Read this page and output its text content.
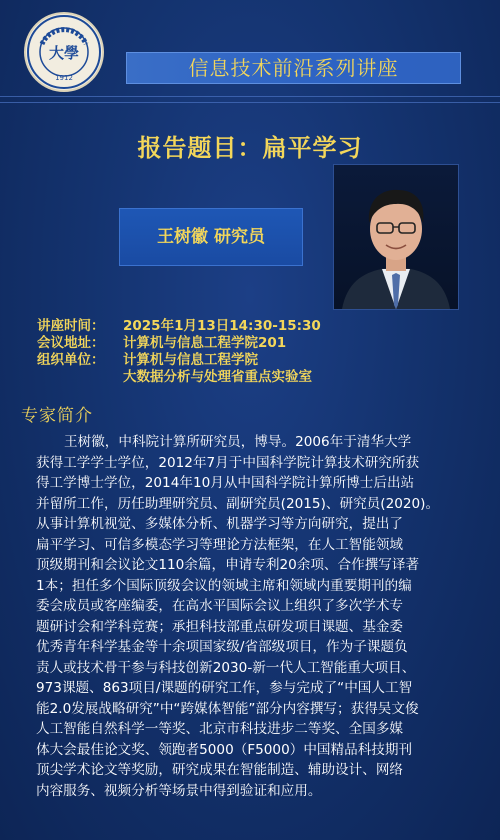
大學
1912	信息技术前沿系列讲座
报告题目：扁平学习
王树徽 研究员
讲座时间：	2025年1月13日14:30-15:30
会议地址：	计算机与信息工程学院201
组织单位：	计算机与信息工程学院
大数据分析与处理省重点实验室
专家简介
王树徽，中科院计算所研究员，博导。2006年于清华大学
获得工学学士学位，2012年7月于中国科学院计算技术研究所获
得工学博士学位，2014年10月从中国科学院计算所博士后出站
并留所工作，历任助理研究员、副研究员(2015)、研究员(2020)。
从事计算机视觉、多媒体分析、机器学习等方向研究，提出了
扁平学习、可信多模态学习等理论方法框架，在人工智能领域
顶级期刊和会议论文110余篇，申请专利20余项、合作撰写译著
1本；担任多个国际顶级会议的领域主席和领域内重要期刊的编
委会成员或客座编委，在高水平国际会议上组织了多次学术专
题研讨会和学科竞赛；承担科技部重点研发项目课题、基金委
优秀青年科学基金等十余项国家级/省部级项目，作为子课题负
责人或技术骨干参与科技创新2030-新一代人工智能重大项目、
973课题、863项目/课题的研究工作，参与完成了“中国人工智
能2.0发展战略研究”中“跨媒体智能”部分内容撰写；获得吴文俊
人工智能自然科学一等奖、北京市科技进步二等奖、全国多媒
体大会最佳论文奖、领跑者5000（F5000）中国精品科技期刊
顶尖学术论文等奖励，研究成果在智能制造、辅助设计、网络
内容服务、视频分析等场景中得到验证和应用。
